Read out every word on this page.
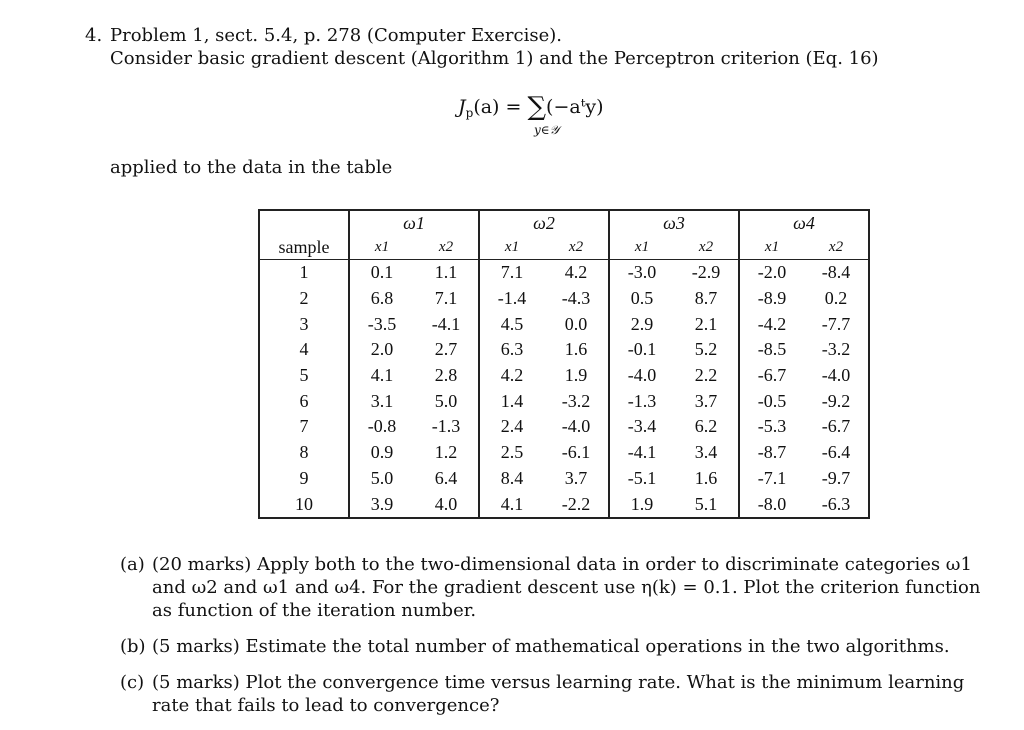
4. Problem 1, sect. 5.4, p. 278 (Computer Exercise).
Consider basic gradient descent (Algorithm 1) and the Perceptron criterion (Eq. 16)
$J_p(a)$ = ∑(−aᵗy)
y∈𝒴
applied to the data in the table
	ω1		ω2		ω3		ω4	
sample	x1	x2	x1	x2	x1	x2	x1	x2
1	0.1	1.1	7.1	4.2	-3.0	-2.9	-2.0	-8.4
2	6.8	7.1	-1.4	-4.3	0.5	8.7	-8.9	0.2
3	-3.5	-4.1	4.5	0.0	2.9	2.1	-4.2	-7.7
4	2.0	2.7	6.3	1.6	-0.1	5.2	-8.5	-3.2
5	4.1	2.8	4.2	1.9	-4.0	2.2	-6.7	-4.0
6	3.1	5.0	1.4	-3.2	-1.3	3.7	-0.5	-9.2
7	-0.8	-1.3	2.4	-4.0	-3.4	6.2	-5.3	-6.7
8	0.9	1.2	2.5	-6.1	-4.1	3.4	-8.7	-6.4
9	5.0	6.4	8.4	3.7	-5.1	1.6	-7.1	-9.7
10	3.9	4.0	4.1	-2.2	1.9	5.1	-8.0	-6.3
(a) (20 marks) Apply both to the two-dimensional data in order to discriminate categories ω1 and ω2 and ω1 and ω4. For the gradient descent use η(k) = 0.1. Plot the criterion function as function of the iteration number.
(b) (5 marks) Estimate the total number of mathematical operations in the two algorithms.
(c) (5 marks) Plot the convergence time versus learning rate. What is the minimum learning rate that fails to lead to convergence?
